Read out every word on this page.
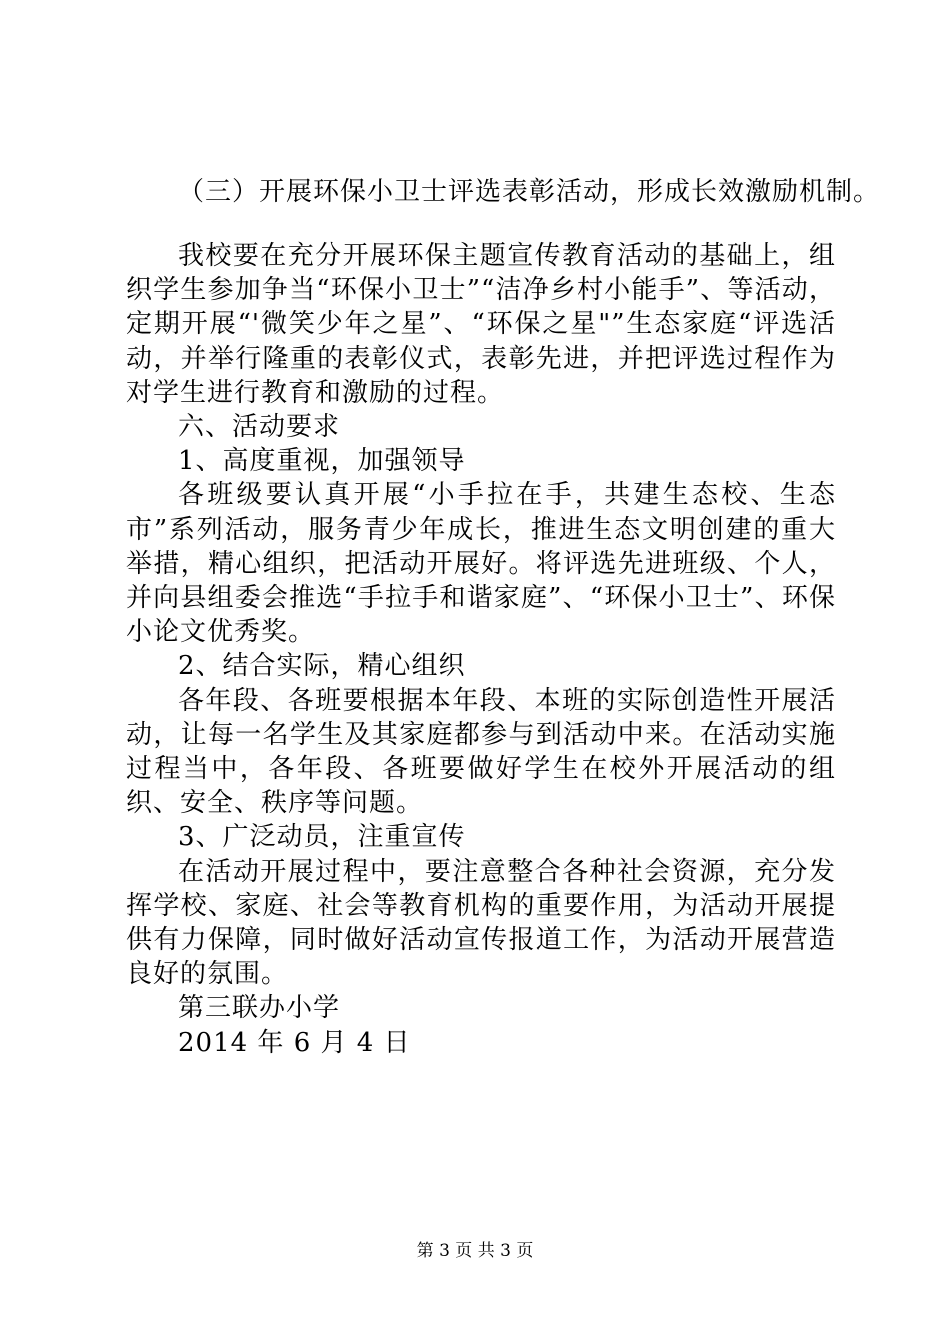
（三）开展环保小卫士评选表彰活动，形成长效激励机制。

我校要在充分开展环保主题宣传教育活动的基础上，组织学生参加争当“环保小卫士”“洁净乡村小能手”、等活动，定期开展“'微笑少年之星”、“环保之星"”生态家庭“评选活动，并举行隆重的表彰仪式，表彰先进，并把评选过程作为对学生进行教育和激励的过程。

六、活动要求

1、高度重视，加强领导

各班级要认真开展“小手拉在手，共建生态校、生态市”系列活动，服务青少年成长，推进生态文明创建的重大举措，精心组织，把活动开展好。将评选先进班级、个人，并向县组委会推选“手拉手和谐家庭”、“环保小卫士”、环保小论文优秀奖。

2、结合实际，精心组织

各年段、各班要根据本年段、本班的实际创造性开展活动，让每一名学生及其家庭都参与到活动中来。在活动实施过程当中，各年段、各班要做好学生在校外开展活动的组织、安全、秩序等问题。

3、广泛动员，注重宣传

在活动开展过程中，要注意整合各种社会资源，充分发挥学校、家庭、社会等教育机构的重要作用，为活动开展提供有力保障，同时做好活动宣传报道工作，为活动开展营造良好的氛围。

第三联办小学

2014 年 6 月 4 日

第 3 页 共 3 页
